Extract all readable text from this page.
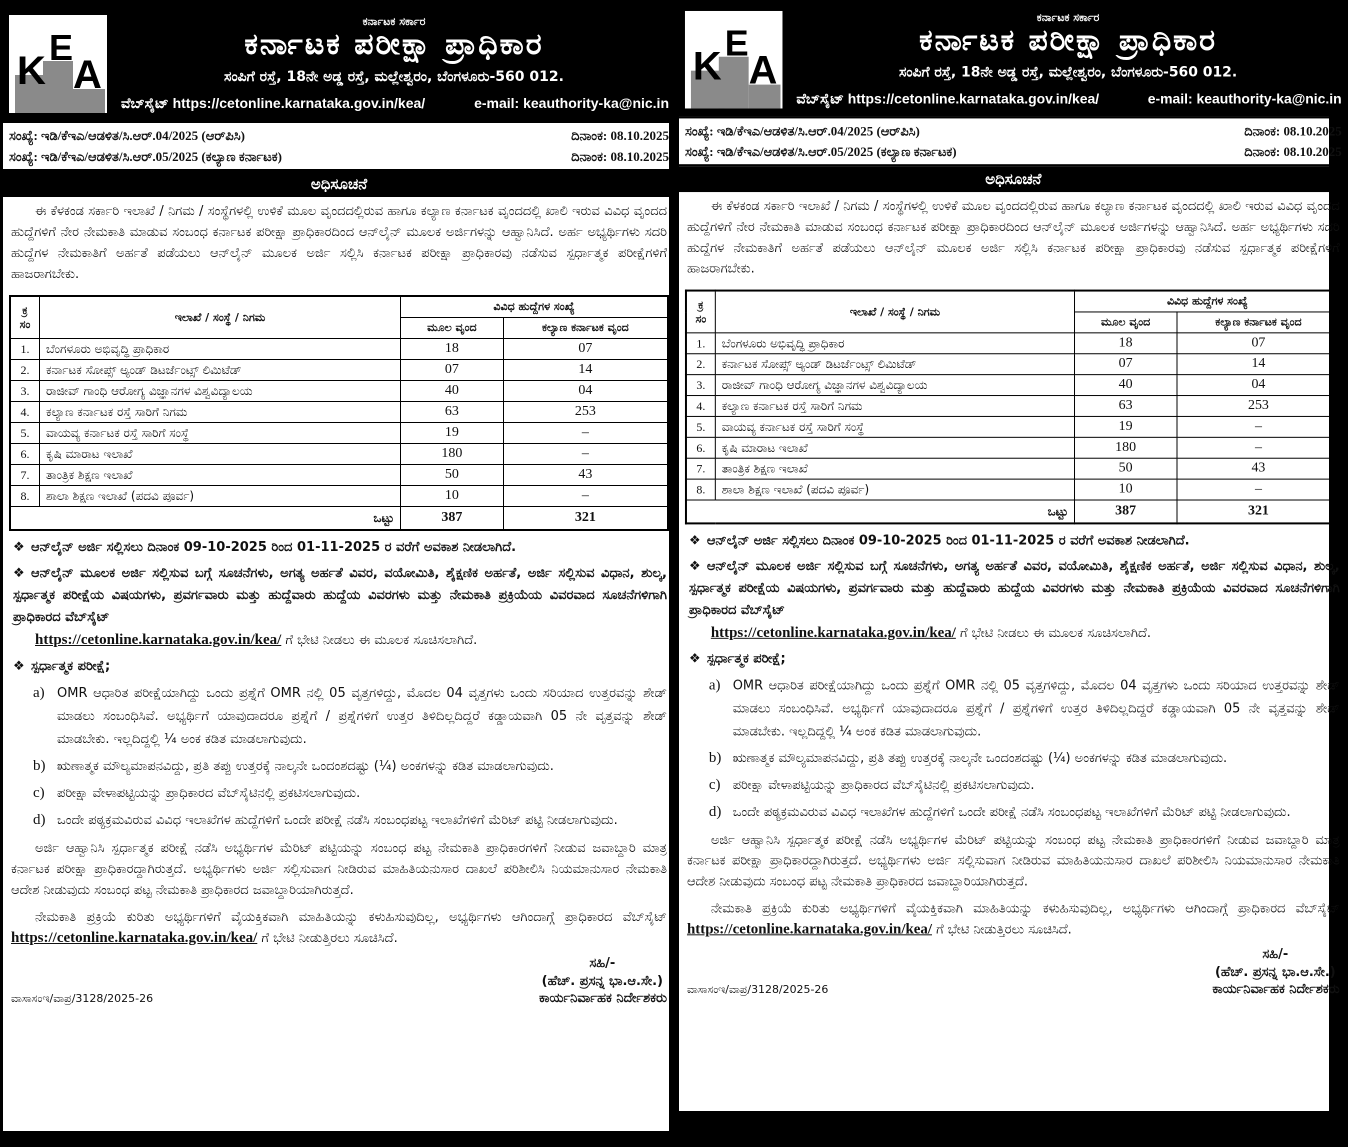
K
E
A
ಕರ್ನಾಟಕ ಸರ್ಕಾರ
ಕರ್ನಾಟಕ ಪರೀಕ್ಷಾ ಪ್ರಾಧಿಕಾರ
ಸಂಪಿಗೆ ರಸ್ತೆ, 18ನೇ ಅಡ್ಡ ರಸ್ತೆ, ಮಲ್ಲೇಶ್ವರಂ, ಬೆಂಗಳೂರು-560 012.
ವೆಬ್‌ಸೈಟ್ https://cetonline.karnataka.gov.in/kea/	e-mail: keauthority-ka@nic.in
ಸಂಖ್ಯೆ: ಇಡಿ/ಕೆಇಎ/ಆಡಳಿತ/ಸಿ.ಆರ್.04/2025 (ಆರ್‌ಪಿಸಿ)	ದಿನಾಂಕ: 08.10.2025
ಸಂಖ್ಯೆ: ಇಡಿ/ಕೆಇಎ/ಆಡಳಿತ/ಸಿ.ಆರ್.05/2025 (ಕಲ್ಯಾಣ ಕರ್ನಾಟಕ)	ದಿನಾಂಕ: 08.10.2025
ಅಧಿಸೂಚನೆ
ಈ ಕೆಳಕಂಡ ಸರ್ಕಾರಿ ಇಲಾಖೆ / ನಿಗಮ / ಸಂಸ್ಥೆಗಳಲ್ಲಿ ಉಳಿಕೆ ಮೂಲ ವೃಂದದಲ್ಲಿರುವ ಹಾಗೂ ಕಲ್ಯಾಣ ಕರ್ನಾಟಕ ವೃಂದದಲ್ಲಿ ಖಾಲಿ ಇರುವ ವಿವಿಧ ವೃಂದದ ಹುದ್ದೆಗಳಿಗೆ ನೇರ ನೇಮಕಾತಿ ಮಾಡುವ ಸಂಬಂಧ ಕರ್ನಾಟಕ ಪರೀಕ್ಷಾ ಪ್ರಾಧಿಕಾರದಿಂದ ಆನ್‌ಲೈನ್ ಮೂಲಕ ಅರ್ಜಿಗಳನ್ನು ಆಹ್ವಾನಿಸಿದೆ. ಅರ್ಹ ಅಭ್ಯರ್ಥಿಗಳು ಸದರಿ ಹುದ್ದೆಗಳ ನೇಮಕಾತಿಗೆ ಅರ್ಹತೆ ಪಡೆಯಲು ಆನ್‌ಲೈನ್ ಮೂಲಕ ಅರ್ಜಿ ಸಲ್ಲಿಸಿ ಕರ್ನಾಟಕ ಪರೀಕ್ಷಾ ಪ್ರಾಧಿಕಾರವು ನಡೆಸುವ ಸ್ಪರ್ಧಾತ್ಮಕ ಪರೀಕ್ಷೆಗಳಿಗೆ ಹಾಜರಾಗಬೇಕು.
ಕ್ರ ಸಂ	ಇಲಾಖೆ / ಸಂಸ್ಥೆ / ನಿಗಮ	ವಿವಿಧ ಹುದ್ದೆಗಳ ಸಂಖ್ಯೆ	
		ಮೂಲ ವೃಂದ	ಕಲ್ಯಾಣ ಕರ್ನಾಟಕ ವೃಂದ
1.	ಬೆಂಗಳೂರು ಅಭಿವೃದ್ಧಿ ಪ್ರಾಧಿಕಾರ	18	07
2.	ಕರ್ನಾಟಕ ಸೋಪ್ಸ್ ಅ್ಯಂಡ್ ಡಿಟರ್ಜೆಂಟ್ಸ್ ಲಿಮಿಟೆಡ್	07	14
3.	ರಾಜೀವ್ ಗಾಂಧಿ ಆರೋಗ್ಯ ವಿಜ್ಞಾನಗಳ ವಿಶ್ವವಿದ್ಯಾಲಯ	40	04
4.	ಕಲ್ಯಾಣ ಕರ್ನಾಟಕ ರಸ್ತೆ ಸಾರಿಗೆ ನಿಗಮ	63	253
5.	ವಾಯವ್ಯ ಕರ್ನಾಟಕ ರಸ್ತೆ ಸಾರಿಗೆ ಸಂಸ್ಥೆ	19	–
6.	ಕೃಷಿ ಮಾರಾಟ ಇಲಾಖೆ	180	–
7.	ತಾಂತ್ರಿಕ ಶಿಕ್ಷಣ ಇಲಾಖೆ	50	43
8.	ಶಾಲಾ ಶಿಕ್ಷಣ ಇಲಾಖೆ (ಪದವಿ ಪೂರ್ವ)	10	–
ಒಟ್ಟು		387	321
❖ ಆನ್‌ಲೈನ್ ಅರ್ಜಿ ಸಲ್ಲಿಸಲು ದಿನಾಂಕ 09-10-2025 ರಿಂದ 01-11-2025 ರ ವರೆಗೆ ಅವಕಾಶ ನೀಡಲಾಗಿದೆ.
❖ ಆನ್‌ಲೈನ್ ಮೂಲಕ ಅರ್ಜಿ ಸಲ್ಲಿಸುವ ಬಗ್ಗೆ ಸೂಚನೆಗಳು, ಅಗತ್ಯ ಅರ್ಹತೆ ವಿವರ, ವಯೋಮಿತಿ, ಶೈಕ್ಷಣಿಕ ಅರ್ಹತೆ, ಅರ್ಜಿ ಸಲ್ಲಿಸುವ ವಿಧಾನ, ಶುಲ್ಕ, ಸ್ಪರ್ಧಾತ್ಮಕ ಪರೀಕ್ಷೆಯ ವಿಷಯಗಳು, ಪ್ರವರ್ಗವಾರು ಮತ್ತು ಹುದ್ದೆವಾರು ಹುದ್ದೆಯ ವಿವರಗಳು ಮತ್ತು ನೇಮಕಾತಿ ಪ್ರಕ್ರಿಯೆಯ ವಿವರವಾದ ಸೂಚನೆಗಳಿಗಾಗಿ ಪ್ರಾಧಿಕಾರದ ವೆಬ್‌ಸೈಟ್
https://cetonline.karnataka.gov.in/kea/ ಗೆ ಭೇಟಿ ನೀಡಲು ಈ ಮೂಲಕ ಸೂಚಿಸಲಾಗಿದೆ.
❖ ಸ್ಪರ್ಧಾತ್ಮಕ ಪರೀಕ್ಷೆ;
a) OMR ಆಧಾರಿತ ಪರೀಕ್ಷೆಯಾಗಿದ್ದು ಒಂದು ಪ್ರಶ್ನೆಗೆ OMR ನಲ್ಲಿ 05 ವೃತ್ತಗಳಿದ್ದು, ಮೊದಲ 04 ವೃತ್ತಗಳು ಒಂದು ಸರಿಯಾದ ಉತ್ತರವನ್ನು ಶೇಡ್ ಮಾಡಲು ಸಂಬಂಧಿಸಿವೆ. ಅಭ್ಯರ್ಥಿಗೆ ಯಾವುದಾದರೂ ಪ್ರಶ್ನೆಗೆ / ಪ್ರಶ್ನೆಗಳಿಗೆ ಉತ್ತರ ತಿಳಿದಿಲ್ಲದಿದ್ದರೆ ಕಡ್ಡಾಯವಾಗಿ 05 ನೇ ವೃತ್ತವನ್ನು ಶೇಡ್ ಮಾಡಬೇಕು. ಇಲ್ಲದಿದ್ದಲ್ಲಿ ¼ ಅಂಕ ಕಡಿತ ಮಾಡಲಾಗುವುದು.
b) ಋಣಾತ್ಮಕ ಮೌಲ್ಯಮಾಪನವಿದ್ದು, ಪ್ರತಿ ತಪ್ಪು ಉತ್ತರಕ್ಕೆ ನಾಲ್ಕನೇ ಒಂದಂಶದಷ್ಟು (¼) ಅಂಕಗಳನ್ನು ಕಡಿತ ಮಾಡಲಾಗುವುದು.
c) ಪರೀಕ್ಷಾ ವೇಳಾಪಟ್ಟಿಯನ್ನು ಪ್ರಾಧಿಕಾರದ ವೆಬ್‌ಸೈಟಿನಲ್ಲಿ ಪ್ರಕಟಿಸಲಾಗುವುದು.
d) ಒಂದೇ ಪಠ್ಯಕ್ರಮವಿರುವ ವಿವಿಧ ಇಲಾಖೆಗಳ ಹುದ್ದೆಗಳಿಗೆ ಒಂದೇ ಪರೀಕ್ಷೆ ನಡೆಸಿ ಸಂಬಂಧಪಟ್ಟ ಇಲಾಖೆಗಳಿಗೆ ಮೆರಿಟ್ ಪಟ್ಟಿ ನೀಡಲಾಗುವುದು.
ಅರ್ಜಿ ಆಹ್ವಾನಿಸಿ ಸ್ಪರ್ಧಾತ್ಮಕ ಪರೀಕ್ಷೆ ನಡೆಸಿ ಅಭ್ಯರ್ಥಿಗಳ ಮೆರಿಟ್ ಪಟ್ಟಿಯನ್ನು ಸಂಬಂಧ ಪಟ್ಟ ನೇಮಕಾತಿ ಪ್ರಾಧಿಕಾರಗಳಿಗೆ ನೀಡುವ ಜವಾಬ್ದಾರಿ ಮಾತ್ರ ಕರ್ನಾಟಕ ಪರೀಕ್ಷಾ ಪ್ರಾಧಿಕಾರದ್ದಾಗಿರುತ್ತದೆ. ಅಭ್ಯರ್ಥಿಗಳು ಅರ್ಜಿ ಸಲ್ಲಿಸುವಾಗ ನೀಡಿರುವ ಮಾಹಿತಿಯನುಸಾರ ದಾಖಲೆ ಪರಿಶೀಲಿಸಿ ನಿಯಮಾನುಸಾರ ನೇಮಕಾತಿ ಆದೇಶ ನೀಡುವುದು ಸಂಬಂಧ ಪಟ್ಟ ನೇಮಕಾತಿ ಪ್ರಾಧಿಕಾರದ ಜವಾಬ್ದಾರಿಯಾಗಿರುತ್ತದೆ.
ನೇಮಕಾತಿ ಪ್ರಕ್ರಿಯೆ ಕುರಿತು ಅಭ್ಯರ್ಥಿಗಳಿಗೆ ವೈಯಕ್ತಿಕವಾಗಿ ಮಾಹಿತಿಯನ್ನು ಕಳುಹಿಸುವುದಿಲ್ಲ, ಅಭ್ಯರ್ಥಿಗಳು ಆಗಿಂದಾಗ್ಗೆ ಪ್ರಾಧಿಕಾರದ ವೆಬ್‌ಸೈಟ್ https://cetonline.karnataka.gov.in/kea/ ಗೆ ಭೇಟಿ ನೀಡುತ್ತಿರಲು ಸೂಚಿಸಿದೆ.
ಸಹಿ/-
(ಹೆಚ್. ಪ್ರಸನ್ನ ಭಾ.ಆ.ಸೇ.)

ವಾಸಾಸಂಇ/ವಾಪ್ರ/3128/2025-26	ಕಾರ್ಯನಿರ್ವಾಹಕ ನಿರ್ದೇಶಕರು
K
E
A
ಕರ್ನಾಟಕ ಸರ್ಕಾರ
ಕರ್ನಾಟಕ ಪರೀಕ್ಷಾ ಪ್ರಾಧಿಕಾರ
ಸಂಪಿಗೆ ರಸ್ತೆ, 18ನೇ ಅಡ್ಡ ರಸ್ತೆ, ಮಲ್ಲೇಶ್ವರಂ, ಬೆಂಗಳೂರು-560 012.
ವೆಬ್‌ಸೈಟ್ https://cetonline.karnataka.gov.in/kea/	e-mail: keauthority-ka@nic.in
ಸಂಖ್ಯೆ: ಇಡಿ/ಕೆಇಎ/ಆಡಳಿತ/ಸಿ.ಆರ್.04/2025 (ಆರ್‌ಪಿಸಿ)	ದಿನಾಂಕ: 08.10.2025
ಸಂಖ್ಯೆ: ಇಡಿ/ಕೆಇಎ/ಆಡಳಿತ/ಸಿ.ಆರ್.05/2025 (ಕಲ್ಯಾಣ ಕರ್ನಾಟಕ)	ದಿನಾಂಕ: 08.10.2025
ಅಧಿಸೂಚನೆ
ಈ ಕೆಳಕಂಡ ಸರ್ಕಾರಿ ಇಲಾಖೆ / ನಿಗಮ / ಸಂಸ್ಥೆಗಳಲ್ಲಿ ಉಳಿಕೆ ಮೂಲ ವೃಂದದಲ್ಲಿರುವ ಹಾಗೂ ಕಲ್ಯಾಣ ಕರ್ನಾಟಕ ವೃಂದದಲ್ಲಿ ಖಾಲಿ ಇರುವ ವಿವಿಧ ವೃಂದದ ಹುದ್ದೆಗಳಿಗೆ ನೇರ ನೇಮಕಾತಿ ಮಾಡುವ ಸಂಬಂಧ ಕರ್ನಾಟಕ ಪರೀಕ್ಷಾ ಪ್ರಾಧಿಕಾರದಿಂದ ಆನ್‌ಲೈನ್ ಮೂಲಕ ಅರ್ಜಿಗಳನ್ನು ಆಹ್ವಾನಿಸಿದೆ. ಅರ್ಹ ಅಭ್ಯರ್ಥಿಗಳು ಸದರಿ ಹುದ್ದೆಗಳ ನೇಮಕಾತಿಗೆ ಅರ್ಹತೆ ಪಡೆಯಲು ಆನ್‌ಲೈನ್ ಮೂಲಕ ಅರ್ಜಿ ಸಲ್ಲಿಸಿ ಕರ್ನಾಟಕ ಪರೀಕ್ಷಾ ಪ್ರಾಧಿಕಾರವು ನಡೆಸುವ ಸ್ಪರ್ಧಾತ್ಮಕ ಪರೀಕ್ಷೆಗಳಿಗೆ ಹಾಜರಾಗಬೇಕು.
ಕ್ರ ಸಂ	ಇಲಾಖೆ / ಸಂಸ್ಥೆ / ನಿಗಮ	ವಿವಿಧ ಹುದ್ದೆಗಳ ಸಂಖ್ಯೆ	
		ಮೂಲ ವೃಂದ	ಕಲ್ಯಾಣ ಕರ್ನಾಟಕ ವೃಂದ
1.	ಬೆಂಗಳೂರು ಅಭಿವೃದ್ಧಿ ಪ್ರಾಧಿಕಾರ	18	07
2.	ಕರ್ನಾಟಕ ಸೋಪ್ಸ್ ಅ್ಯಂಡ್ ಡಿಟರ್ಜೆಂಟ್ಸ್ ಲಿಮಿಟೆಡ್	07	14
3.	ರಾಜೀವ್ ಗಾಂಧಿ ಆರೋಗ್ಯ ವಿಜ್ಞಾನಗಳ ವಿಶ್ವವಿದ್ಯಾಲಯ	40	04
4.	ಕಲ್ಯಾಣ ಕರ್ನಾಟಕ ರಸ್ತೆ ಸಾರಿಗೆ ನಿಗಮ	63	253
5.	ವಾಯವ್ಯ ಕರ್ನಾಟಕ ರಸ್ತೆ ಸಾರಿಗೆ ಸಂಸ್ಥೆ	19	–
6.	ಕೃಷಿ ಮಾರಾಟ ಇಲಾಖೆ	180	–
7.	ತಾಂತ್ರಿಕ ಶಿಕ್ಷಣ ಇಲಾಖೆ	50	43
8.	ಶಾಲಾ ಶಿಕ್ಷಣ ಇಲಾಖೆ (ಪದವಿ ಪೂರ್ವ)	10	–
ಒಟ್ಟು		387	321
❖ ಆನ್‌ಲೈನ್ ಅರ್ಜಿ ಸಲ್ಲಿಸಲು ದಿನಾಂಕ 09-10-2025 ರಿಂದ 01-11-2025 ರ ವರೆಗೆ ಅವಕಾಶ ನೀಡಲಾಗಿದೆ.
❖ ಆನ್‌ಲೈನ್ ಮೂಲಕ ಅರ್ಜಿ ಸಲ್ಲಿಸುವ ಬಗ್ಗೆ ಸೂಚನೆಗಳು, ಅಗತ್ಯ ಅರ್ಹತೆ ವಿವರ, ವಯೋಮಿತಿ, ಶೈಕ್ಷಣಿಕ ಅರ್ಹತೆ, ಅರ್ಜಿ ಸಲ್ಲಿಸುವ ವಿಧಾನ, ಶುಲ್ಕ, ಸ್ಪರ್ಧಾತ್ಮಕ ಪರೀಕ್ಷೆಯ ವಿಷಯಗಳು, ಪ್ರವರ್ಗವಾರು ಮತ್ತು ಹುದ್ದೆವಾರು ಹುದ್ದೆಯ ವಿವರಗಳು ಮತ್ತು ನೇಮಕಾತಿ ಪ್ರಕ್ರಿಯೆಯ ವಿವರವಾದ ಸೂಚನೆಗಳಿಗಾಗಿ ಪ್ರಾಧಿಕಾರದ ವೆಬ್‌ಸೈಟ್
https://cetonline.karnataka.gov.in/kea/ ಗೆ ಭೇಟಿ ನೀಡಲು ಈ ಮೂಲಕ ಸೂಚಿಸಲಾಗಿದೆ.
❖ ಸ್ಪರ್ಧಾತ್ಮಕ ಪರೀಕ್ಷೆ;
a) OMR ಆಧಾರಿತ ಪರೀಕ್ಷೆಯಾಗಿದ್ದು ಒಂದು ಪ್ರಶ್ನೆಗೆ OMR ನಲ್ಲಿ 05 ವೃತ್ತಗಳಿದ್ದು, ಮೊದಲ 04 ವೃತ್ತಗಳು ಒಂದು ಸರಿಯಾದ ಉತ್ತರವನ್ನು ಶೇಡ್ ಮಾಡಲು ಸಂಬಂಧಿಸಿವೆ. ಅಭ್ಯರ್ಥಿಗೆ ಯಾವುದಾದರೂ ಪ್ರಶ್ನೆಗೆ / ಪ್ರಶ್ನೆಗಳಿಗೆ ಉತ್ತರ ತಿಳಿದಿಲ್ಲದಿದ್ದರೆ ಕಡ್ಡಾಯವಾಗಿ 05 ನೇ ವೃತ್ತವನ್ನು ಶೇಡ್ ಮಾಡಬೇಕು. ಇಲ್ಲದಿದ್ದಲ್ಲಿ ¼ ಅಂಕ ಕಡಿತ ಮಾಡಲಾಗುವುದು.
b) ಋಣಾತ್ಮಕ ಮೌಲ್ಯಮಾಪನವಿದ್ದು, ಪ್ರತಿ ತಪ್ಪು ಉತ್ತರಕ್ಕೆ ನಾಲ್ಕನೇ ಒಂದಂಶದಷ್ಟು (¼) ಅಂಕಗಳನ್ನು ಕಡಿತ ಮಾಡಲಾಗುವುದು.
c) ಪರೀಕ್ಷಾ ವೇಳಾಪಟ್ಟಿಯನ್ನು ಪ್ರಾಧಿಕಾರದ ವೆಬ್‌ಸೈಟಿನಲ್ಲಿ ಪ್ರಕಟಿಸಲಾಗುವುದು.
d) ಒಂದೇ ಪಠ್ಯಕ್ರಮವಿರುವ ವಿವಿಧ ಇಲಾಖೆಗಳ ಹುದ್ದೆಗಳಿಗೆ ಒಂದೇ ಪರೀಕ್ಷೆ ನಡೆಸಿ ಸಂಬಂಧಪಟ್ಟ ಇಲಾಖೆಗಳಿಗೆ ಮೆರಿಟ್ ಪಟ್ಟಿ ನೀಡಲಾಗುವುದು.
ಅರ್ಜಿ ಆಹ್ವಾನಿಸಿ ಸ್ಪರ್ಧಾತ್ಮಕ ಪರೀಕ್ಷೆ ನಡೆಸಿ ಅಭ್ಯರ್ಥಿಗಳ ಮೆರಿಟ್ ಪಟ್ಟಿಯನ್ನು ಸಂಬಂಧ ಪಟ್ಟ ನೇಮಕಾತಿ ಪ್ರಾಧಿಕಾರಗಳಿಗೆ ನೀಡುವ ಜವಾಬ್ದಾರಿ ಮಾತ್ರ ಕರ್ನಾಟಕ ಪರೀಕ್ಷಾ ಪ್ರಾಧಿಕಾರದ್ದಾಗಿರುತ್ತದೆ. ಅಭ್ಯರ್ಥಿಗಳು ಅರ್ಜಿ ಸಲ್ಲಿಸುವಾಗ ನೀಡಿರುವ ಮಾಹಿತಿಯನುಸಾರ ದಾಖಲೆ ಪರಿಶೀಲಿಸಿ ನಿಯಮಾನುಸಾರ ನೇಮಕಾತಿ ಆದೇಶ ನೀಡುವುದು ಸಂಬಂಧ ಪಟ್ಟ ನೇಮಕಾತಿ ಪ್ರಾಧಿಕಾರದ ಜವಾಬ್ದಾರಿಯಾಗಿರುತ್ತದೆ.
ನೇಮಕಾತಿ ಪ್ರಕ್ರಿಯೆ ಕುರಿತು ಅಭ್ಯರ್ಥಿಗಳಿಗೆ ವೈಯಕ್ತಿಕವಾಗಿ ಮಾಹಿತಿಯನ್ನು ಕಳುಹಿಸುವುದಿಲ್ಲ, ಅಭ್ಯರ್ಥಿಗಳು ಆಗಿಂದಾಗ್ಗೆ ಪ್ರಾಧಿಕಾರದ ವೆಬ್‌ಸೈಟ್ https://cetonline.karnataka.gov.in/kea/ ಗೆ ಭೇಟಿ ನೀಡುತ್ತಿರಲು ಸೂಚಿಸಿದೆ.
ಸಹಿ/-
(ಹೆಚ್. ಪ್ರಸನ್ನ ಭಾ.ಆ.ಸೇ.)

ವಾಸಾಸಂಇ/ವಾಪ್ರ/3128/2025-26	ಕಾರ್ಯನಿರ್ವಾಹಕ ನಿರ್ದೇಶಕರು
